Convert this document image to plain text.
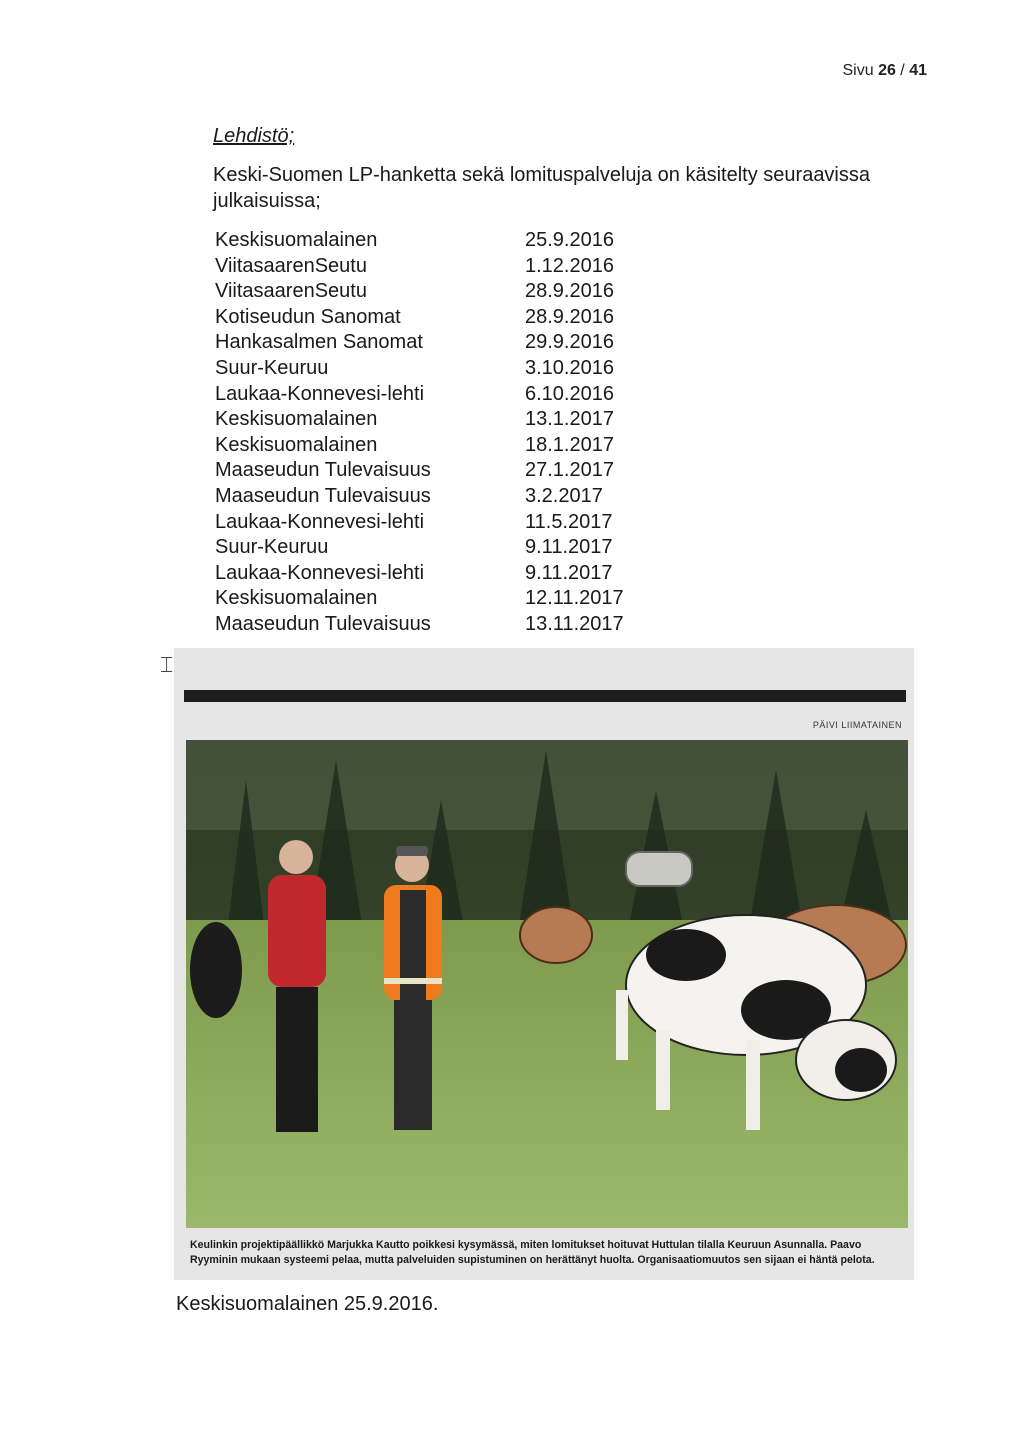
Sivu 26 / 41
Lehdistö;
Keski-Suomen LP-hanketta sekä lomituspalveluja on käsitelty seuraavissa julkaisuissa;
Keskisuomalainen	25.9.2016
ViitasaarenSeutu	1.12.2016
ViitasaarenSeutu	28.9.2016
Kotiseudun Sanomat	28.9.2016
Hankasalmen Sanomat	29.9.2016
Suur-Keuruu	3.10.2016
Laukaa-Konnevesi-lehti	6.10.2016
Keskisuomalainen	13.1.2017
Keskisuomalainen	18.1.2017
Maaseudun Tulevaisuus	27.1.2017
Maaseudun Tulevaisuus	3.2.2017
Laukaa-Konnevesi-lehti	11.5.2017
Suur-Keuruu	9.11.2017
Laukaa-Konnevesi-lehti	9.11.2017
Keskisuomalainen	12.11.2017
Maaseudun Tulevaisuus	13.11.2017
⌶
PÄIVI LIIMATAINEN
Keulinkin projektipäällikkö Marjukka Kautto poikkesi kysymässä, miten lomitukset hoituvat Huttulan tilalla Keuruun Asunnalla. Paavo
Ryyminin mukaan systeemi pelaa, mutta palveluiden supistuminen on herättänyt huolta. Organisaatiomuutos sen sijaan ei häntä pelota.
Keskisuomalainen 25.9.2016.
